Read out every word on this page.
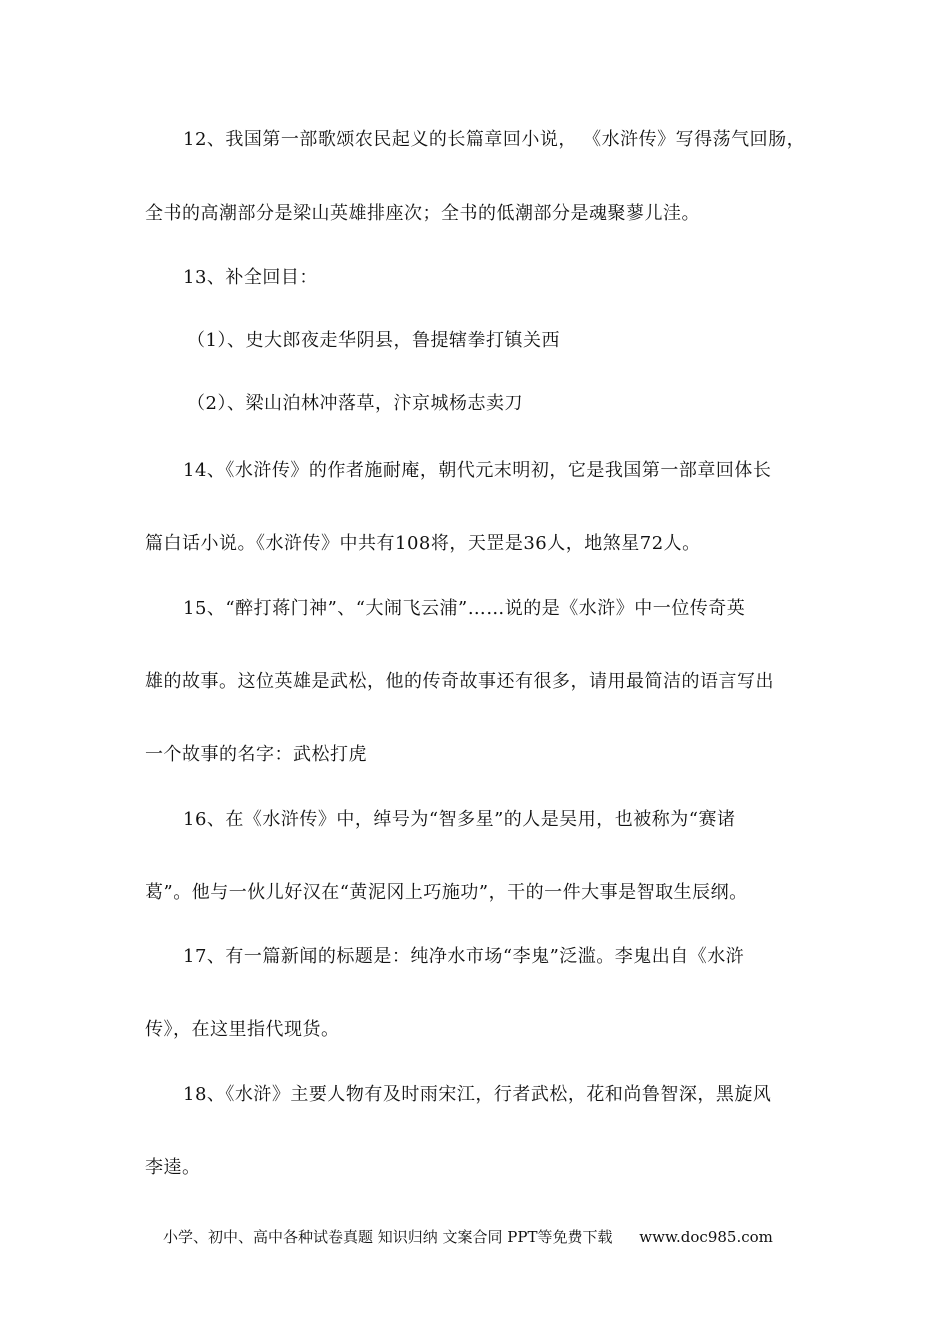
12、我国第一部歌颂农民起义的长篇章回小说， 《水浒传》写得荡气回肠，
全书的高潮部分是梁山英雄排座次；全书的低潮部分是魂聚蓼儿洼。
13、补全回目：
（1）、史大郎夜走华阴县，鲁提辖拳打镇关西
（2）、梁山泊林冲落草，汴京城杨志卖刀
14、《水浒传》的作者施耐庵，朝代元末明初，它是我国第一部章回体长
篇白话小说。《水浒传》中共有108将，天罡是36人，地煞星72人。
15、“醉打蒋门神”、“大闹飞云浦”……说的是《水浒》中一位传奇英
雄的故事。这位英雄是武松，他的传奇故事还有很多，请用最简洁的语言写出
一个故事的名字：武松打虎
16、在《水浒传》中，绰号为“智多星”的人是吴用，也被称为“赛诸
葛”。他与一伙儿好汉在“黄泥冈上巧施功”，干的一件大事是智取生辰纲。
17、有一篇新闻的标题是：纯净水市场“李鬼”泛滥。李鬼出自《水浒
传》，在这里指代现货。
18、《水浒》主要人物有及时雨宋江，行者武松，花和尚鲁智深，黑旋风
李逵。
小学、初中、高中各种试卷真题 知识归纳 文案合同 PPT等免费下载 www.doc985.com
